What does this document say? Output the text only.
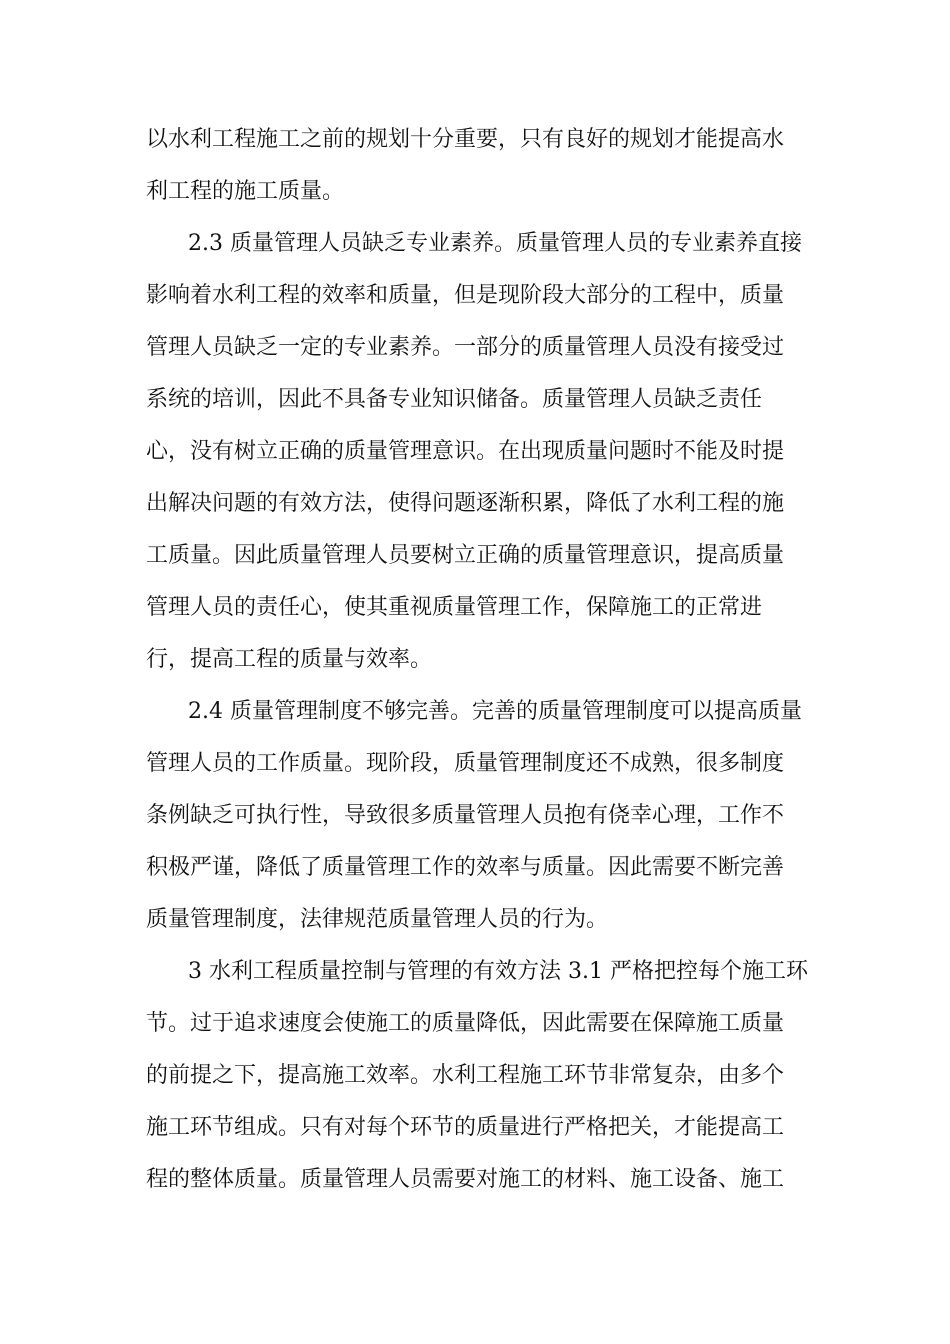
以水利工程施工之前的规划十分重要，只有良好的规划才能提高水
利工程的施工质量。
2.3 质量管理人员缺乏专业素养。质量管理人员的专业素养直接
影响着水利工程的效率和质量，但是现阶段大部分的工程中，质量
管理人员缺乏一定的专业素养。一部分的质量管理人员没有接受过
系统的培训，因此不具备专业知识储备。质量管理人员缺乏责任
心，没有树立正确的质量管理意识。在出现质量问题时不能及时提
出解决问题的有效方法，使得问题逐渐积累，降低了水利工程的施
工质量。因此质量管理人员要树立正确的质量管理意识，提高质量
管理人员的责任心，使其重视质量管理工作，保障施工的正常进
行，提高工程的质量与效率。
2.4 质量管理制度不够完善。完善的质量管理制度可以提高质量
管理人员的工作质量。现阶段，质量管理制度还不成熟，很多制度
条例缺乏可执行性，导致很多质量管理人员抱有侥幸心理，工作不
积极严谨，降低了质量管理工作的效率与质量。因此需要不断完善
质量管理制度，法律规范质量管理人员的行为。
3 水利工程质量控制与管理的有效方法 3.1 严格把控每个施工环
节。过于追求速度会使施工的质量降低，因此需要在保障施工质量
的前提之下，提高施工效率。水利工程施工环节非常复杂，由多个
施工环节组成。只有对每个环节的质量进行严格把关，才能提高工
程的整体质量。质量管理人员需要对施工的材料、施工设备、施工
